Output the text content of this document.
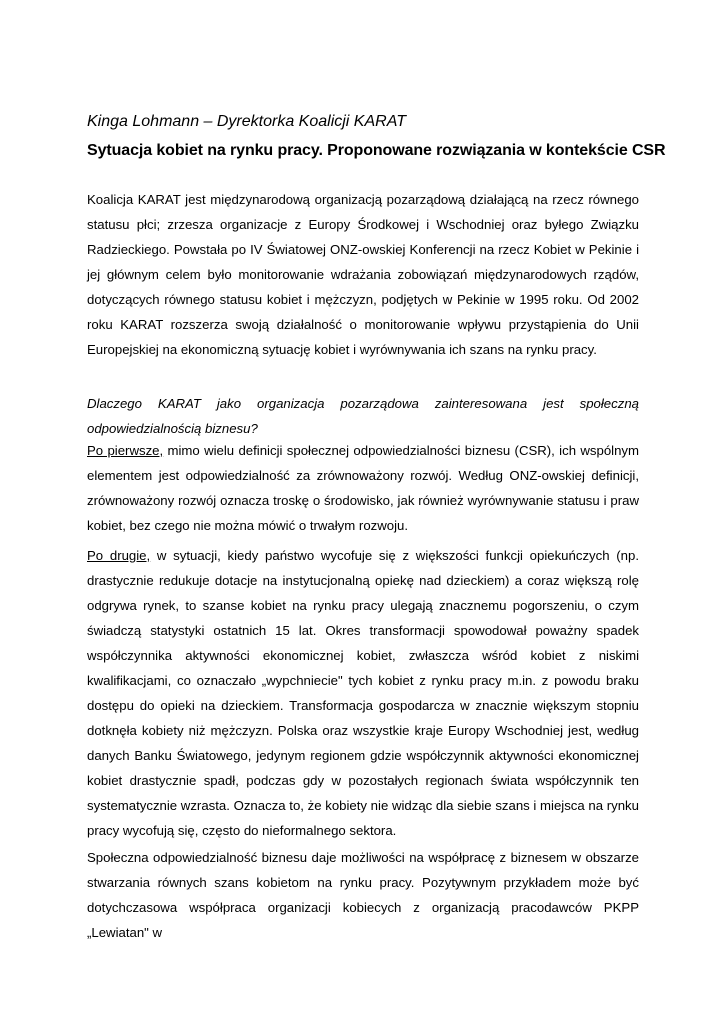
Kinga Lohmann – Dyrektorka Koalicji KARAT

Sytuacja kobiet na rynku pracy. Proponowane rozwiązania w kontekście CSR

Koalicja KARAT jest międzynarodową organizacją pozarządową działającą na rzecz równego statusu płci; zrzesza organizacje z Europy Środkowej i Wschodniej oraz byłego Związku Radzieckiego. Powstała po IV Światowej ONZ-owskiej Konferencji na rzecz Kobiet w Pekinie i jej głównym celem było monitorowanie wdrażania zobowiązań międzynarodowych rządów, dotyczących równego statusu kobiet i mężczyzn, podjętych w Pekinie w 1995 roku. Od 2002 roku KARAT rozszerza swoją działalność o monitorowanie wpływu przystąpienia do Unii Europejskiej na ekonomiczną sytuację kobiet i wyrównywania ich szans na rynku pracy.

Dlaczego KARAT jako organizacja pozarządowa zainteresowana jest społeczną odpowiedzialnością biznesu?

Po pierwsze, mimo wielu definicji społecznej odpowiedzialności biznesu (CSR), ich wspólnym elementem jest odpowiedzialność za zrównoważony rozwój. Według ONZ-owskiej definicji, zrównoważony rozwój oznacza troskę o środowisko, jak również wyrównywanie statusu i praw kobiet, bez czego nie można mówić o trwałym rozwoju.

Po drugie, w sytuacji, kiedy państwo wycofuje się z większości funkcji opiekuńczych (np. drastycznie redukuje dotacje na instytucjonalną opiekę nad dzieckiem) a coraz większą rolę odgrywa rynek, to szanse kobiet na rynku pracy ulegają znacznemu pogorszeniu, o czym świadczą statystyki ostatnich 15 lat. Okres transformacji spowodował poważny spadek współczynnika aktywności ekonomicznej kobiet, zwłaszcza wśród kobiet z niskimi kwalifikacjami, co oznaczało „wypchniecie" tych kobiet z rynku pracy m.in. z powodu braku dostępu do opieki na dzieckiem. Transformacja gospodarcza w znacznie większym stopniu dotknęła kobiety niż mężczyzn. Polska oraz wszystkie kraje Europy Wschodniej jest, według danych Banku Światowego, jedynym regionem gdzie współczynnik aktywności ekonomicznej kobiet drastycznie spadł, podczas gdy w pozostałych regionach świata współczynnik ten systematycznie wzrasta. Oznacza to, że kobiety nie widząc dla siebie szans i miejsca na rynku pracy wycofują się, często do nieformalnego sektora.

Społeczna odpowiedzialność biznesu daje możliwości na współpracę z biznesem w obszarze stwarzania równych szans kobietom na rynku pracy. Pozytywnym przykładem może być dotychczasowa współpraca organizacji kobiecych z organizacją pracodawców PKPP „Lewiatan" w
